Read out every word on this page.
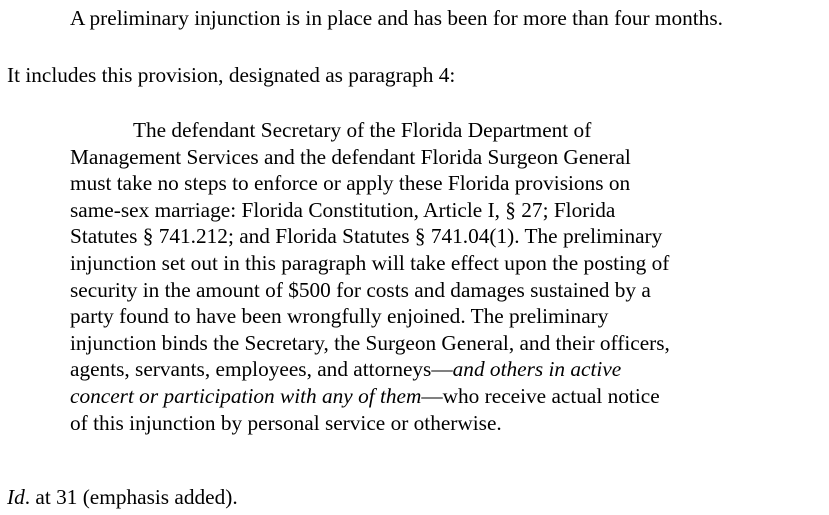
A preliminary injunction is in place and has been for more than four months.

It includes this provision, designated as paragraph 4:

The defendant Secretary of the Florida Department of
Management Services and the defendant Florida Surgeon General
must take no steps to enforce or apply these Florida provisions on
same-sex marriage: Florida Constitution, Article I, § 27; Florida
Statutes § 741.212; and Florida Statutes § 741.04(1). The preliminary
injunction set out in this paragraph will take effect upon the posting of
security in the amount of $500 for costs and damages sustained by a
party found to have been wrongfully enjoined. The preliminary
injunction binds the Secretary, the Surgeon General, and their officers,
agents, servants, employees, and attorneys—and others in active
concert or participation with any of them—who receive actual notice
of this injunction by personal service or otherwise.

Id. at 31 (emphasis added).
